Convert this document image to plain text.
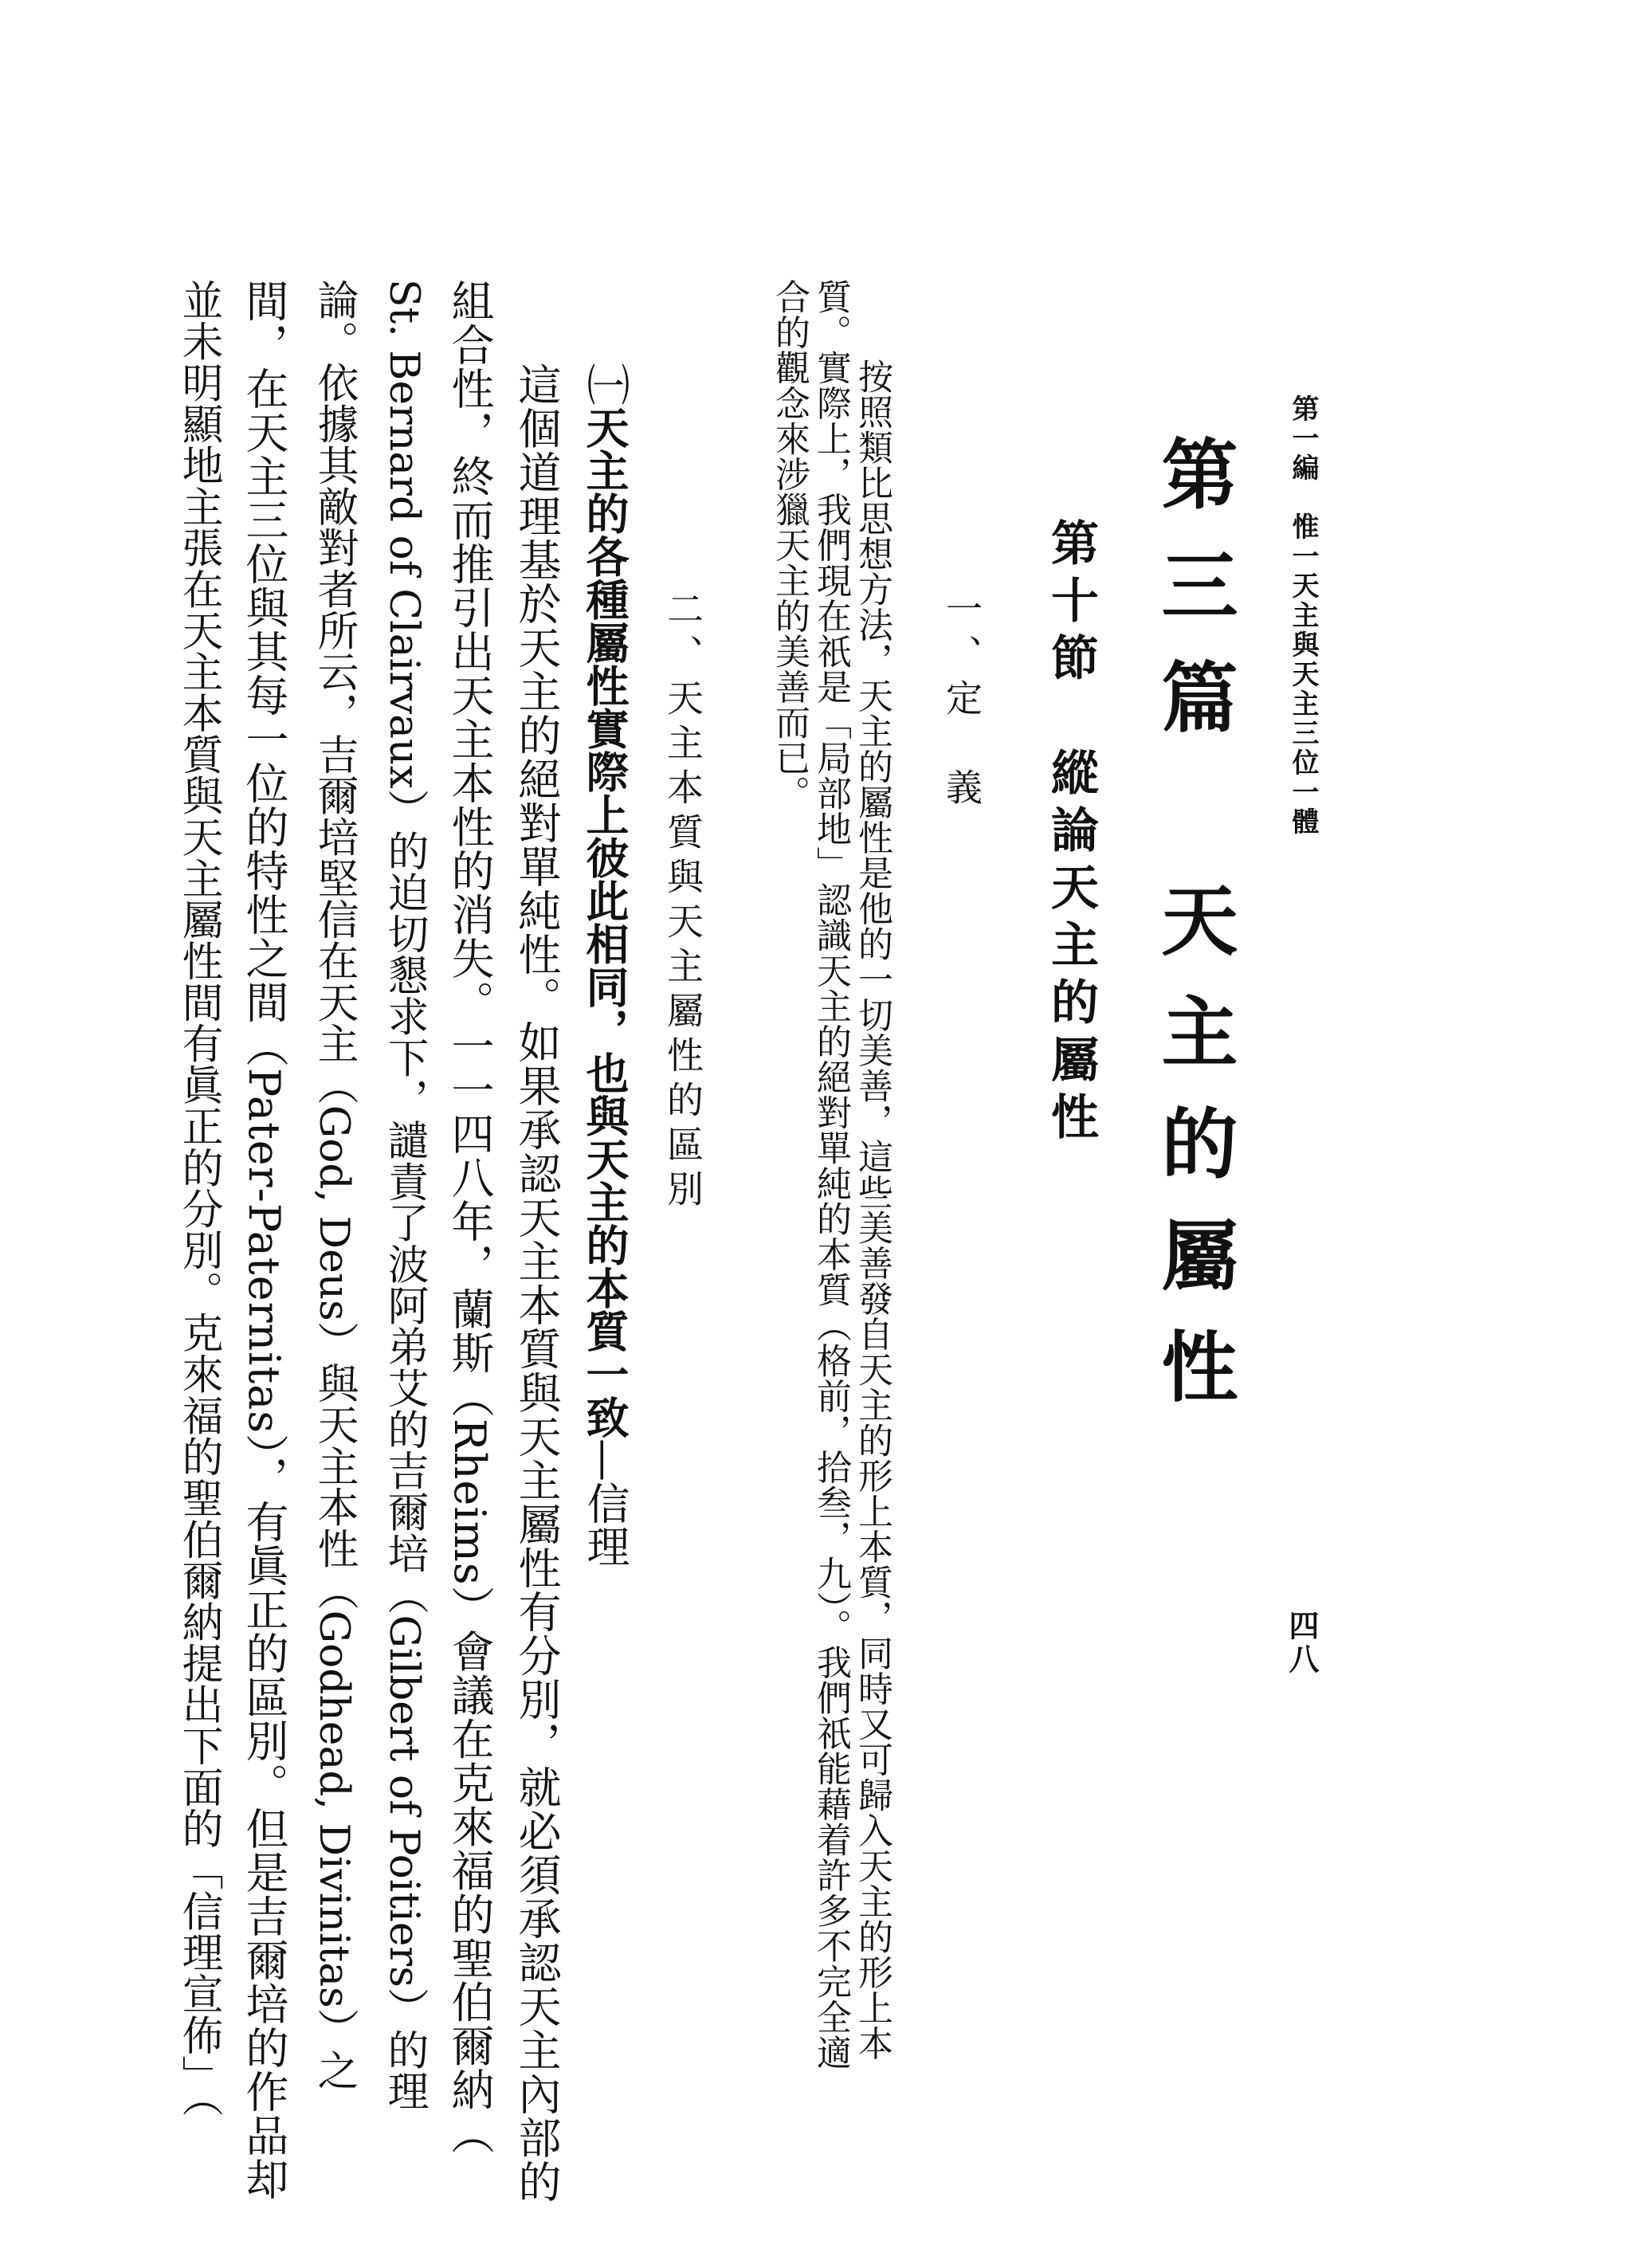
第一編　惟一天主與天主三位一體
四八
第三篇　天主的屬性
第十節　縱論天主的屬性
一、定　義
按照類比思想方法，天主的屬性是他的一切美善，這些美善發自天主的形上本質，同時又可歸入天主的形上本
質。實際上，我們現在祇是「局部地」認識天主的絕對單純的本質（格前，拾叁，九）。我們祇能藉着許多不完全適
合的觀念來涉獵天主的美善而已。
二、天主本質與天主屬性的區別
㈠天主的各種屬性實際上彼此相同，也與天主的本質一致—信理
這個道理基於天主的絕對單純性。如果承認天主本質與天主屬性有分別，就必須承認天主內部的
組合性，終而推引出天主本性的消失。一一四八年，蘭斯（Rheims）會議在克來福的聖伯爾納（
St. Bernard of Clairvaux）的迫切懇求下，譴責了波阿弟艾的吉爾培（Gilbert of Poitiers）的理
論。依據其敵對者所云，吉爾培堅信在天主（God, Deus）與天主本性（Godhead, Divinitas）之
間，在天主三位與其每一位的特性之間（Pater-Paternitas），有眞正的區別。但是吉爾培的作品却
並未明顯地主張在天主本質與天主屬性間有眞正的分別。克來福的聖伯爾納提出下面的「信理宣佈」（
